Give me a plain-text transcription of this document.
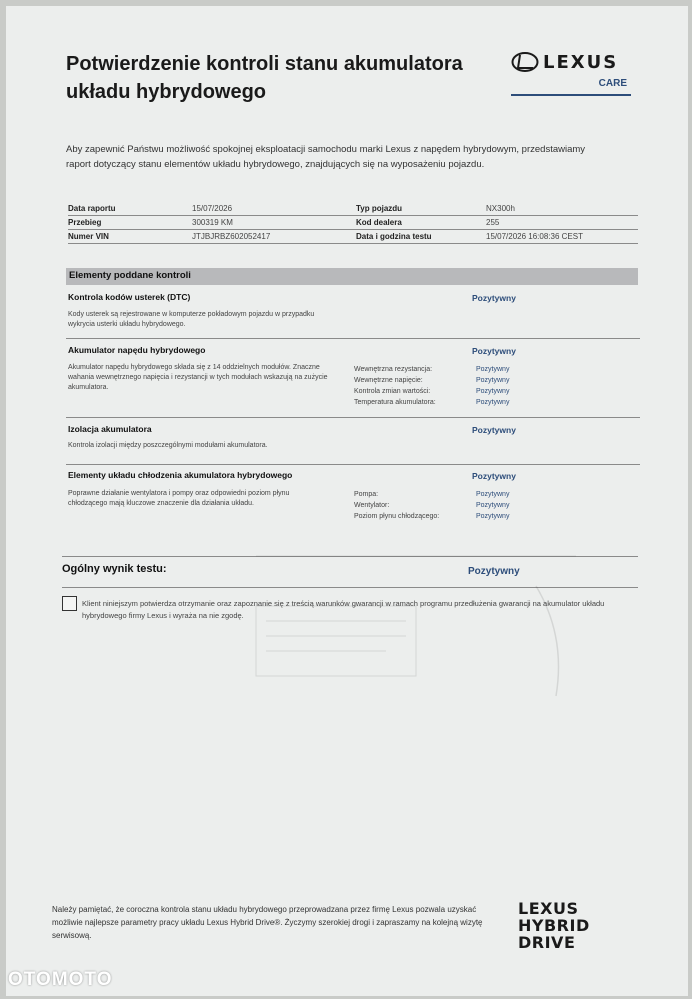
Potwierdzenie kontroli stanu akumulatora układu hybrydowego
LEXUS
CARE

Aby zapewnić Państwu możliwość spokojnej eksploatacji samochodu marki Lexus z napędem hybrydowym, przedstawiamy raport dotyczący stanu elementów układu hybrydowego, znajdujących się na wyposażeniu pojazdu.

Data raportu	15/07/2026	Typ pojazdu	NX300h
Przebieg	300319 KM	Kod dealera	255
Numer VIN	JTJBJRBZ602052417	Data i godzina testu	15/07/2026 16:08:36 CEST
Elementy poddane kontroli
Kontrola kodów usterek (DTC)	Pozytywny
Kody usterek są rejestrowane w komputerze pokładowym pojazdu w przypadku
wykrycia usterki układu hybrydowego.
Akumulator napędu hybrydowego	Pozytywny
Akumulator napędu hybrydowego składa się z 14 oddzielnych modułów. Znaczne
wahania wewnętrznego napięcia i rezystancji w tych modułach wskazują na zużycie
akumulatora.
Wewnętrzna rezystancja:	Pozytywny
Wewnętrzne napięcie:	Pozytywny
Kontrola zmian wartości:	Pozytywny
Temperatura akumulatora:	Pozytywny
Izolacja akumulatora	Pozytywny
Kontrola izolacji między poszczególnymi modułami akumulatora.
Elementy układu chłodzenia akumulatora hybrydowego	Pozytywny
Poprawne działanie wentylatora i pompy oraz odpowiedni poziom płynu
chłodzącego mają kluczowe znaczenie dla działania układu.
Pompa:	Pozytywny
Wentylator:	Pozytywny
Poziom płynu chłodzącego:	Pozytywny
Ogólny wynik testu:	Pozytywny
Klient niniejszym potwierdza otrzymanie oraz zapoznanie się z treścią warunków gwarancji w ramach programu przedłużenia gwarancji na akumulator układu hybrydowego firmy Lexus i wyraża na nie zgodę.

Należy pamiętać, że coroczna kontrola stanu układu hybrydowego przeprowadzana przez firmę Lexus pozwala uzyskać możliwie najlepsze parametry pracy układu Lexus Hybrid Drive®. Życzymy szerokiej drogi i zapraszamy na kolejną wizytę serwisową.

LEXUS
HYBRID
DRIVE
OTOMOTO
